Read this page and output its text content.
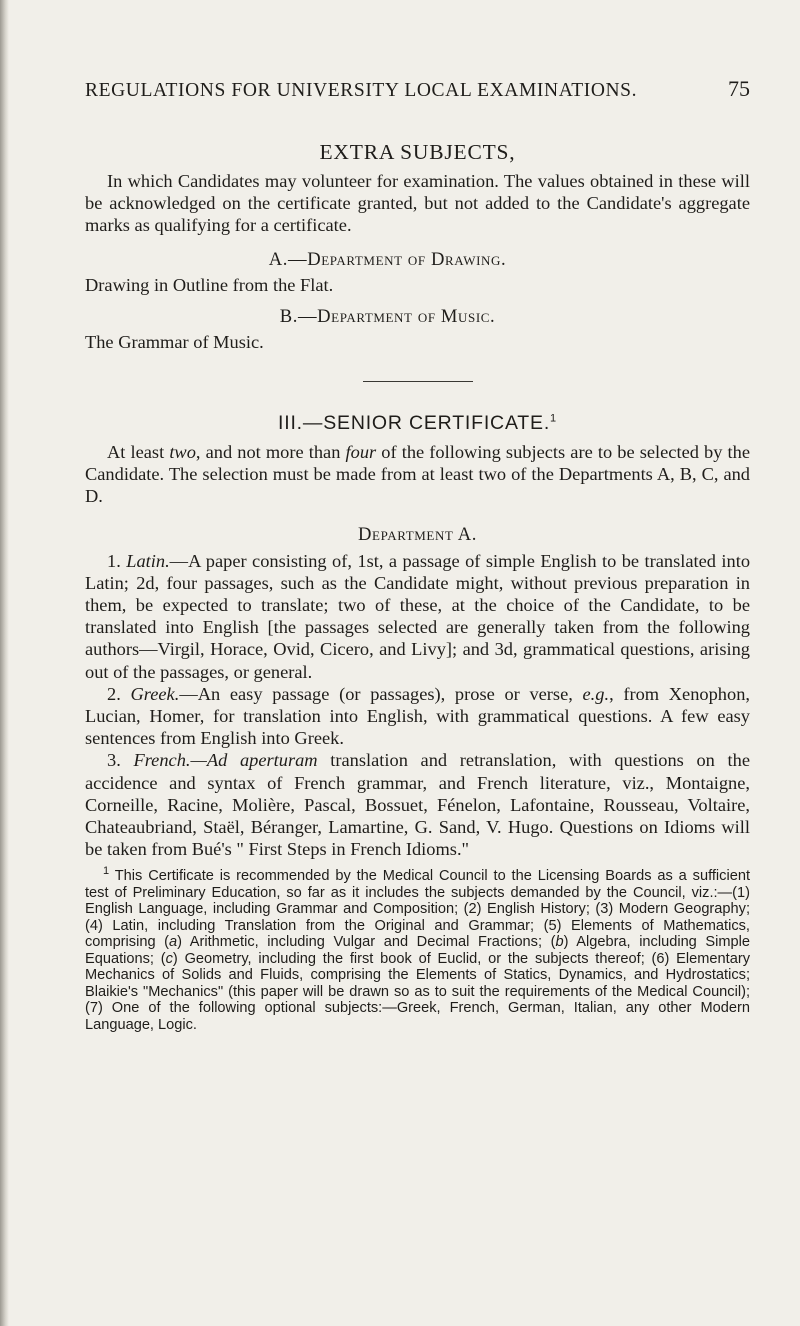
REGULATIONS FOR UNIVERSITY LOCAL EXAMINATIONS.	75
EXTRA SUBJECTS,

In which Candidates may volunteer for examination. The values obtained in these will be acknowledged on the certificate granted, but not added to the Candidate's aggregate marks as qualifying for a certificate.

A.—Department of Drawing.

Drawing in Outline from the Flat.

B.—Department of Music.

The Grammar of Music.

III.—SENIOR CERTIFICATE.$^1$

At least two, and not more than four of the following subjects are to be selected by the Candidate. The selection must be made from at least two of the Departments A, B, C, and D.

Department A.

1. Latin.—A paper consisting of, 1st, a passage of simple English to be translated into Latin; 2d, four passages, such as the Candidate might, without previous preparation in them, be expected to translate; two of these, at the choice of the Candidate, to be translated into English [the passages selected are generally taken from the following authors—Virgil, Horace, Ovid, Cicero, and Livy]; and 3d, grammatical questions, arising out of the passages, or general.

2. Greek.—An easy passage (or passages), prose or verse, e.g., from Xenophon, Lucian, Homer, for translation into English, with grammatical questions. A few easy sentences from English into Greek.

3. French.—Ad aperturam translation and retranslation, with questions on the accidence and syntax of French grammar, and French literature, viz., Montaigne, Corneille, Racine, Molière, Pascal, Bossuet, Fénelon, Lafontaine, Rousseau, Voltaire, Chateaubriand, Staël, Béranger, Lamartine, G. Sand, V. Hugo. Questions on Idioms will be taken from Bué's " First Steps in French Idioms."

$^1$ This Certificate is recommended by the Medical Council to the Licensing Boards as a sufficient test of Preliminary Education, so far as it includes the subjects demanded by the Council, viz.:—(1) English Language, including Grammar and Composition; (2) English History; (3) Modern Geography; (4) Latin, including Translation from the Original and Grammar; (5) Elements of Mathematics, comprising (a) Arithmetic, including Vulgar and Decimal Fractions; (b) Algebra, including Simple Equations; (c) Geometry, including the first book of Euclid, or the subjects thereof; (6) Elementary Mechanics of Solids and Fluids, comprising the Elements of Statics, Dynamics, and Hydrostatics; Blaikie's "Mechanics" (this paper will be drawn so as to suit the requirements of the Medical Council); (7) One of the following optional subjects:—Greek, French, German, Italian, any other Modern Language, Logic.
